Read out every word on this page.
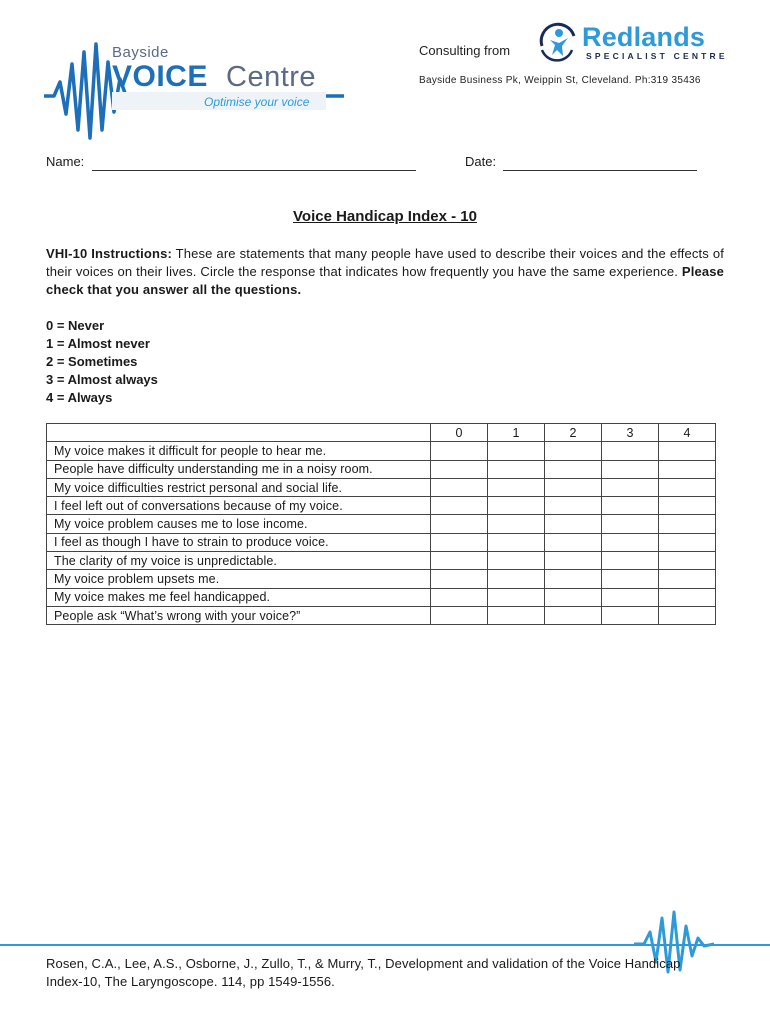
Bayside
VOICE Centre
Optimise your voice
Consulting from	Redlands
SPECIALIST CENTRE
Bayside Business Pk, Weippin St, Cleveland. Ph:319 35436
Name:	Date:
Voice Handicap Index - 10
VHI-10 Instructions: These are statements that many people have used to describe their voices and the effects of their voices on their lives. Circle the response that indicates how frequently you have the same experience. Please check that you answer all the questions.
0 = Never
1 = Almost never
2 = Sometimes
3 = Almost always
4 = Always
	0	1	2	3	4
My voice makes it difficult for people to hear me.					
People have difficulty understanding me in a noisy room.					
My voice difficulties restrict personal and social life.					
I feel left out of conversations because of my voice.					
My voice problem causes me to lose income.					
I feel as though I have to strain to produce voice.					
The clarity of my voice is unpredictable.					
My voice problem upsets me.					
My voice makes me feel handicapped.					
People ask “What’s wrong with your voice?”					
Rosen, C.A., Lee, A.S., Osborne, J., Zullo, T., & Murry, T., Development and validation of the Voice Handicap Index-10, The Laryngoscope. 114, pp 1549-1556.
